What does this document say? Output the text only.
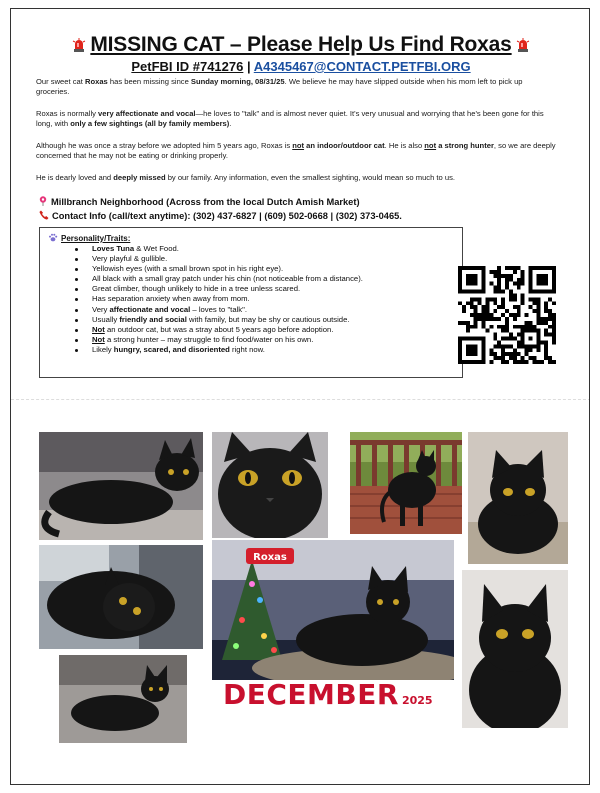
MISSING CAT – Please Help Us Find Roxas
PetFBI ID #741276 | A4345467@CONTACT.PETFBI.ORG

Our sweet cat Roxas has been missing since Sunday morning, 08/31/25. We believe he may have slipped outside when his mom left to pick up groceries.

Roxas is normally very affectionate and vocal—he loves to "talk" and is almost never quiet. It's very unusual and worrying that he's been gone for this long, with only a few sightings (all by family members).

Although he was once a stray before we adopted him 5 years ago, Roxas is not an indoor/outdoor cat. He is also not a strong hunter, so we are deeply concerned that he may not be eating or drinking properly.

He is dearly loved and deeply missed by our family. Any information, even the smallest sighting, would mean so much to us.

Millbranch Neighborhood (Across from the local Dutch Amish Market)
Contact Info (call/text anytime): (302) 437-6827 | (609) 502-0668 | (302) 373-0465.
Personality/Traits:
Loves Tuna & Wet Food.
Very playful & gullible.
Yellowish eyes (with a small brown spot in his right eye).
All black with a small gray patch under his chin (not noticeable from a distance).
Great climber, though unlikely to hide in a tree unless scared.
Has separation anxiety when away from mom.
Very affectionate and vocal – loves to "talk".
Usually friendly and social with family, but may be shy or cautious outside.
Not an outdoor cat, but was a stray about 5 years ago before adoption.
Not a strong hunter – may struggle to find food/water on his own.
Likely hungry, scared, and disoriented right now.
Roxas
DECEMBER 2025
